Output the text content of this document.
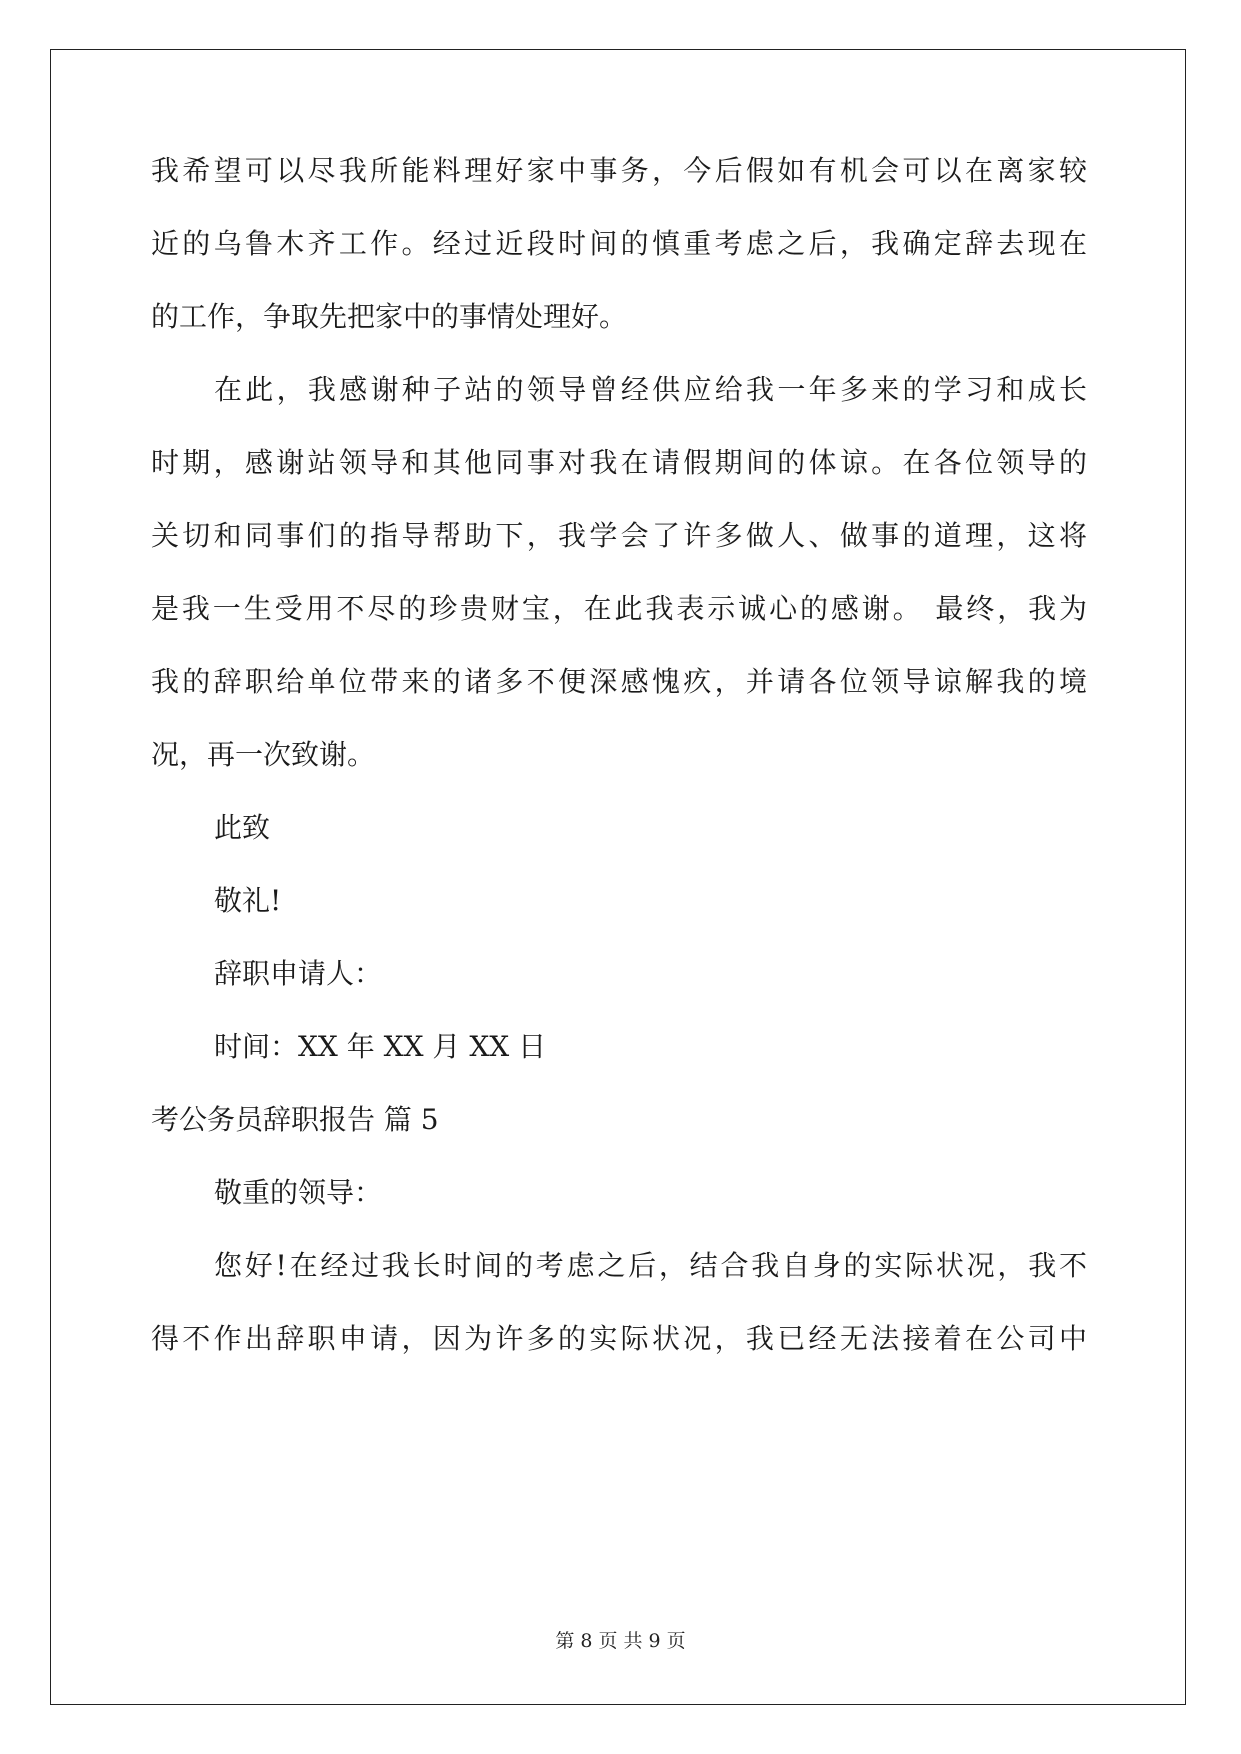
我希望可以尽我所能料理好家中事务，今后假如有机会可以在离家较
近的乌鲁木齐工作。经过近段时间的慎重考虑之后，我确定辞去现在
的工作，争取先把家中的事情处理好。
在此，我感谢种子站的领导曾经供应给我一年多来的学习和成长
时期，感谢站领导和其他同事对我在请假期间的体谅。在各位领导的
关切和同事们的指导帮助下，我学会了许多做人、做事的道理，这将
是我一生受用不尽的珍贵财宝，在此我表示诚心的感谢。 最终，我为
我的辞职给单位带来的诸多不便深感愧疚，并请各位领导谅解我的境
况，再一次致谢。
此致
敬礼!
辞职申请人：
时间：XX 年 XX 月 XX 日
考公务员辞职报告 篇 5
敬重的领导：
您好!在经过我长时间的考虑之后，结合我自身的实际状况，我不
得不作出辞职申请，因为许多的实际状况，我已经无法接着在公司中
第 8 页 共 9 页
